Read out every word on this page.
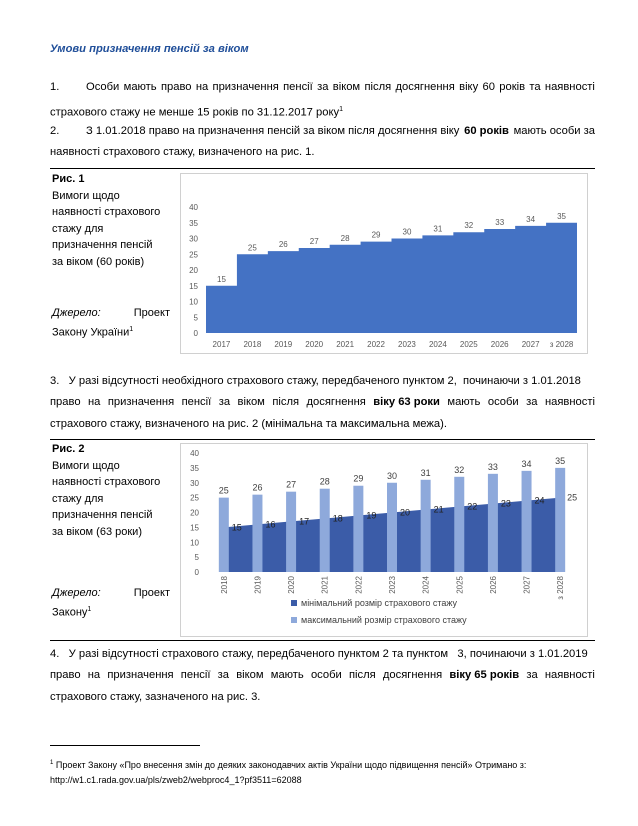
Умови призначення пенсій за віком
1. Особи мають право на призначення пенсії за віком після досягнення віку 60 років та наявності
страхового стажу не менше 15 років по 31.12.2017 року$^1$
2. З 1.01.2018 право на призначення пенсій за віком після досягнення віку 60 років мають особи за
наявності страхового стажу, визначеного на рис. 1.
Рис. 1
Вимоги щодо
наявності страхового
стажу для
призначення пенсій
за віком (60 років)
Джерело:	Проект
Закону України$^1$	0
5
10
15
20
25
30
35
40
15
25	26	27	28	29	30	31	32	33	34	35
2017 2018 2019 2020 2021 2022 2023 2024 2025 2026 2027 з 2028
3.   У разі відсутності необхідного страхового стажу, передбаченого пунктом 2,  починаючи з 1.01.2018
право на призначення пенсії за віком після досягнення віку 63 роки мають особи за наявності
страхового стажу, визначеного на рис. 2 (мінімальна та максимальна межа).
Рис. 2
Вимоги щодо
наявності страхового
стажу для
призначення пенсій
за віком (63 роки)
Джерело:	Проект
Закону$^1$
0
5
10
15
20
25
30
35
40
25	26	27	28	29	30	31	32	33	34	35
15	16	17	18	19	20	21	22	23	24	25
2018	2019	2020	2021	2022	2023	2024	2025	2026	2027	з 2028
мінімальний розмір страхового стажу
максимальний розмір страхового стажу
4.   У разі відсутності страхового стажу, передбаченого пунктом 2 та пунктом   3, починаючи з 1.01.2019
право на призначення пенсії за віком мають особи після досягнення віку 65 років за наявності
страхового стажу, зазначеного на рис. 3.
$^1$ Проект Закону «Про внесення змін до деяких законодавчих актів України щодо підвищення пенсій» Отримано з:
http://w1.c1.rada.gov.ua/pls/zweb2/webproc4_1?pf3511=62088
